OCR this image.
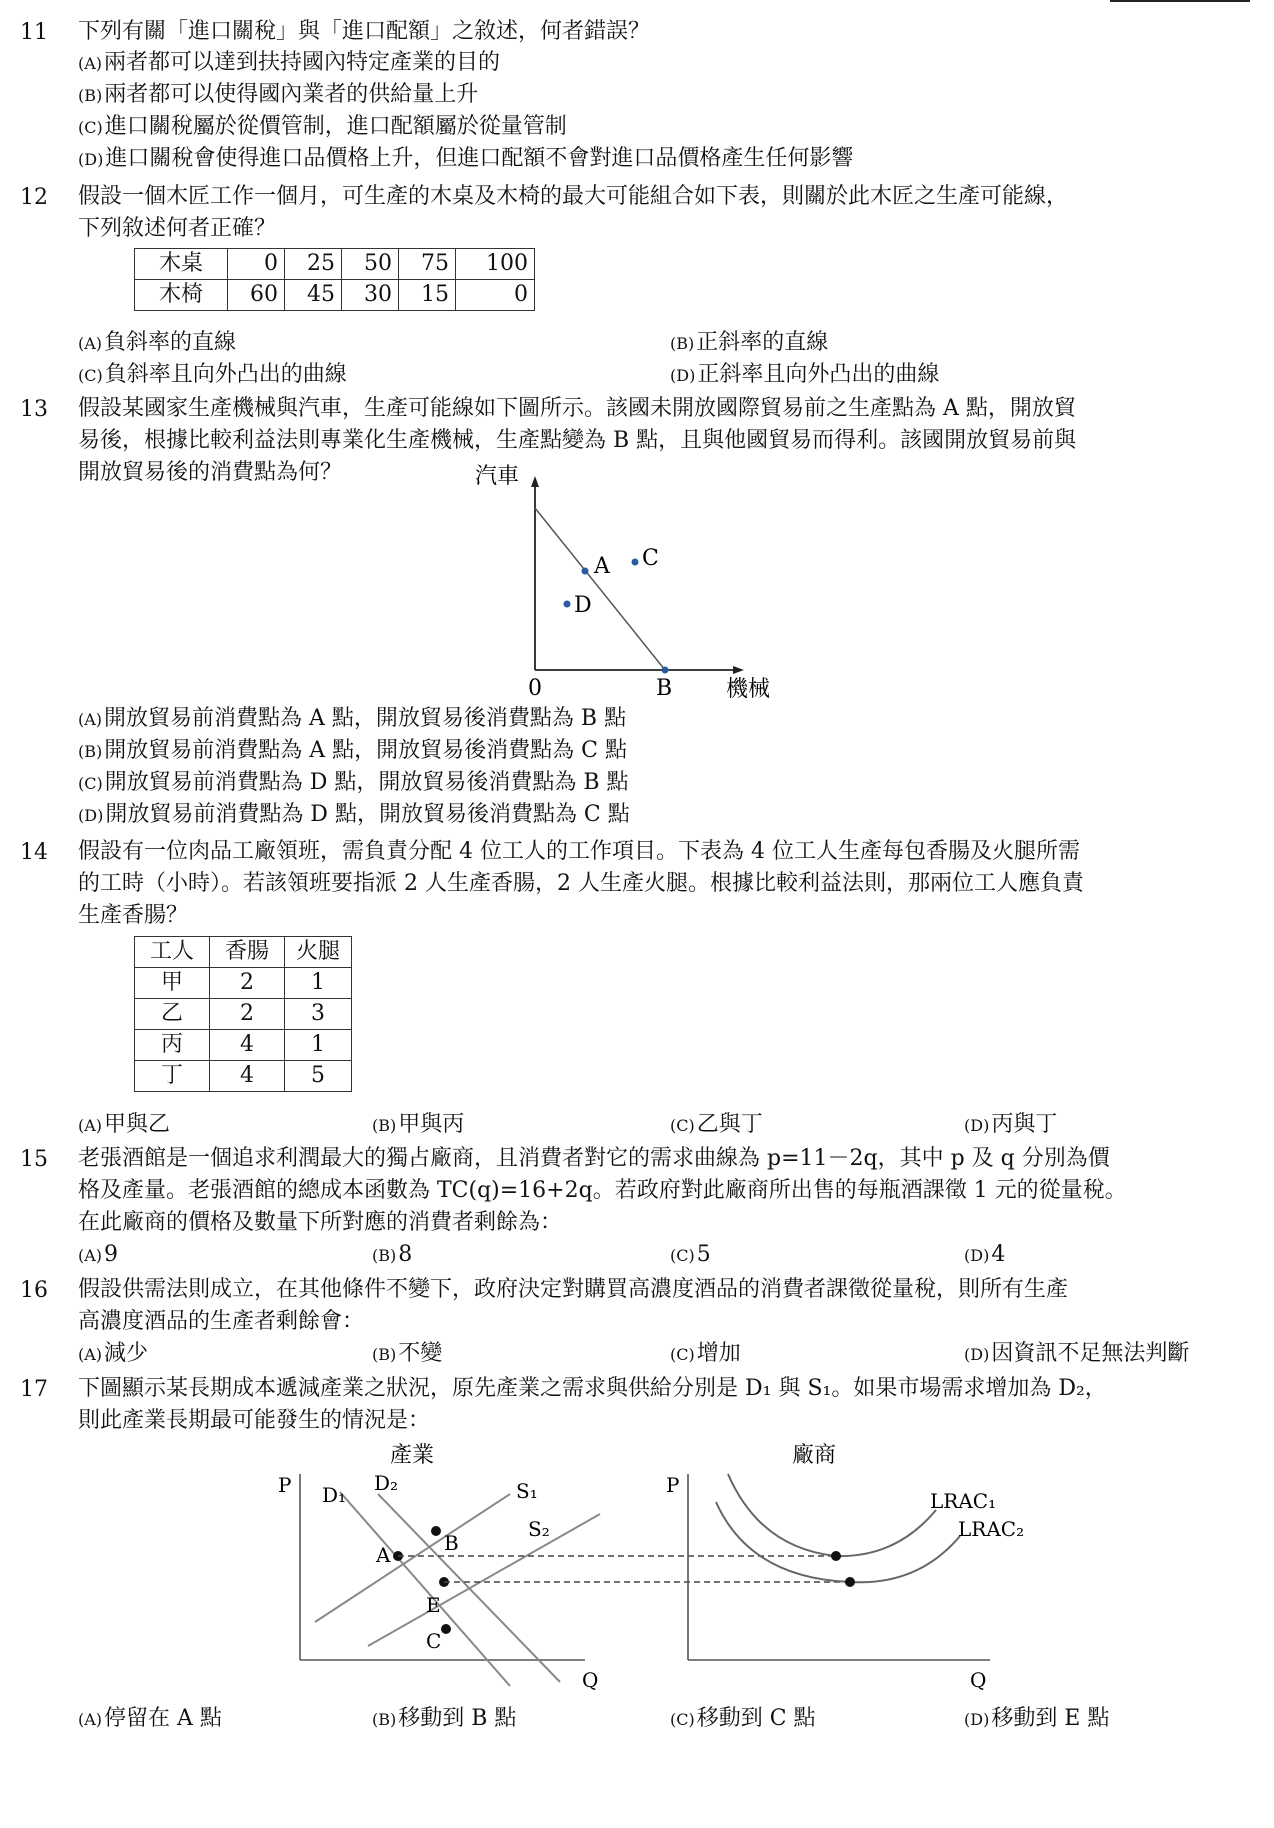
11 下列有關「進口關稅」與「進口配額」之敘述，何者錯誤？
(A)兩者都可以達到扶持國內特定產業的目的
(B)兩者都可以使得國內業者的供給量上升
(C)進口關稅屬於從價管制，進口配額屬於從量管制
(D)進口關稅會使得進口品價格上升，但進口配額不會對進口品價格產生任何影響
12 假設一個木匠工作一個月，可生產的木桌及木椅的最大可能組合如下表，則關於此木匠之生產可能線，
下列敘述何者正確？
木桌	0	25	50	75	100
木椅	60	45	30	15	0
(A)負斜率的直線	(B)正斜率的直線
(C)負斜率且向外凸出的曲線	(D)正斜率且向外凸出的曲線
13 假設某國家生產機械與汽車，生產可能線如下圖所示。該國未開放國際貿易前之生產點為 A 點，開放貿
易後，根據比較利益法則專業化生產機械，生產點變為 B 點，且與他國貿易而得利。該國開放貿易前與
開放貿易後的消費點為何？	汽車
機械
0
A C
D
B
(A)開放貿易前消費點為 A 點，開放貿易後消費點為 B 點
(B)開放貿易前消費點為 A 點，開放貿易後消費點為 C 點
(C)開放貿易前消費點為 D 點，開放貿易後消費點為 B 點
(D)開放貿易前消費點為 D 點，開放貿易後消費點為 C 點
14 假設有一位肉品工廠領班，需負責分配 4 位工人的工作項目。下表為 4 位工人生產每包香腸及火腿所需
的工時（小時）。若該領班要指派 2 人生產香腸，2 人生產火腿。根據比較利益法則，那兩位工人應負責
生產香腸？
工人	香腸	火腿
甲	2	1
乙	2	3
丙	4	1
丁	4	5
(A)甲與乙	(B)甲與丙	(C)乙與丁	(D)丙與丁
15 老張酒館是一個追求利潤最大的獨占廠商，且消費者對它的需求曲線為 p=11－2q，其中 p 及 q 分別為價
格及產量。老張酒館的總成本函數為 TC(q)=16+2q。若政府對此廠商所出售的每瓶酒課徵 1 元的從量稅。
在此廠商的價格及數量下所對應的消費者剩餘為：
(A)9	(B)8	(C)5	(D)4
16 假設供需法則成立，在其他條件不變下，政府決定對購買高濃度酒品的消費者課徵從量稅，則所有生產
高濃度酒品的生產者剩餘會：
(A)減少	(B)不變	(C)增加	(D)因資訊不足無法判斷
17 下圖顯示某長期成本遞減產業之狀況，原先產業之需求與供給分別是 D₁ 與 S₁。如果市場需求增加為 D₂，
則此產業長期最可能發生的情況是：
產業
P
Q
D₁ D₂	S₁
S₂
A	B
E
C
廠商
P
Q
LRAC₁
LRAC₂
(A)停留在 A 點	(B)移動到 B 點	(C)移動到 C 點	(D)移動到 E 點
